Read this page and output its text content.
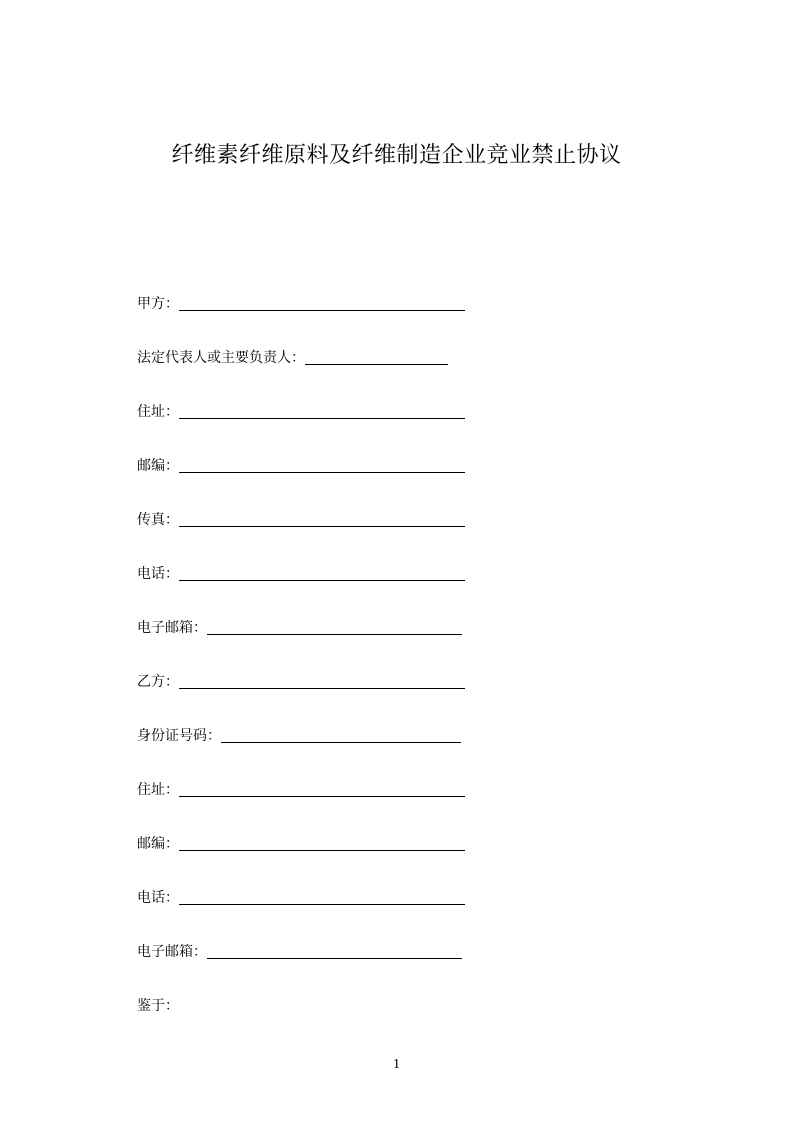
纤维素纤维原料及纤维制造企业竞业禁止协议
甲方：
法定代表人或主要负责人：
住址：
邮编：
传真：
电话：
电子邮箱：
乙方：
身份证号码：
住址：
邮编：
电话：
电子邮箱：
鉴于：
1
